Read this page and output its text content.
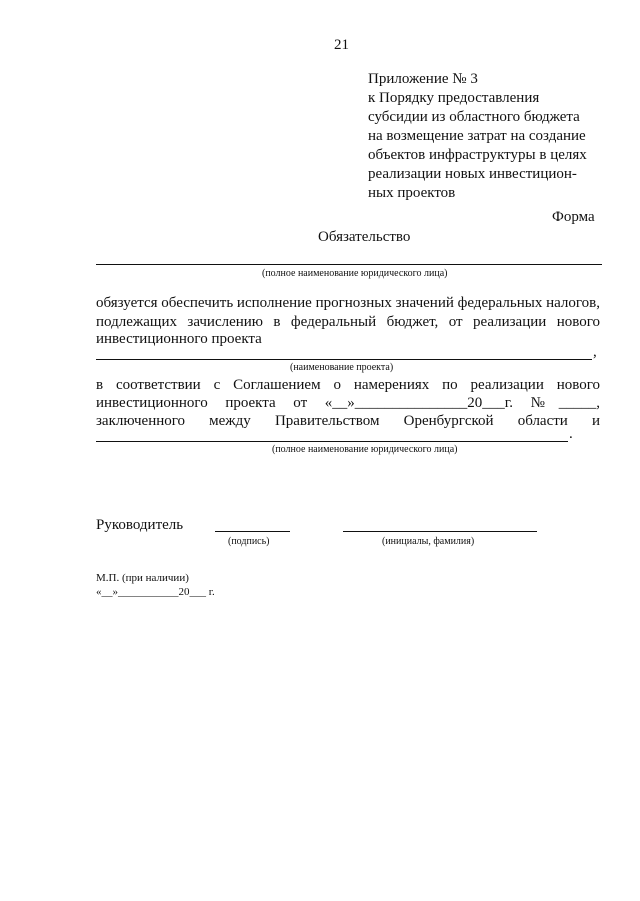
21
Приложение № 3
к Порядку предоставления
субсидии из областного бюджета
на возмещение затрат на создание
объектов инфраструктуры в целях
реализации новых инвестицион-
ных проектов
Форма
Обязательство
(полное наименование юридического лица)
обязуется обеспечить исполнение прогнозных значений федеральных налогов,
подлежащих зачислению в федеральный бюджет, от реализации нового
инвестиционного проекта
,
(наименование проекта)
в соответствии с Соглашением о намерениях по реализации нового
инвестиционного проекта от «__»_______________20___г. №_____,
заключенного между Правительством Оренбургской области и
.
(полное наименование юридического лица)
Руководитель
(подпись)	(инициалы, фамилия)
М.П. (при наличии)
«__»___________20___ г.
